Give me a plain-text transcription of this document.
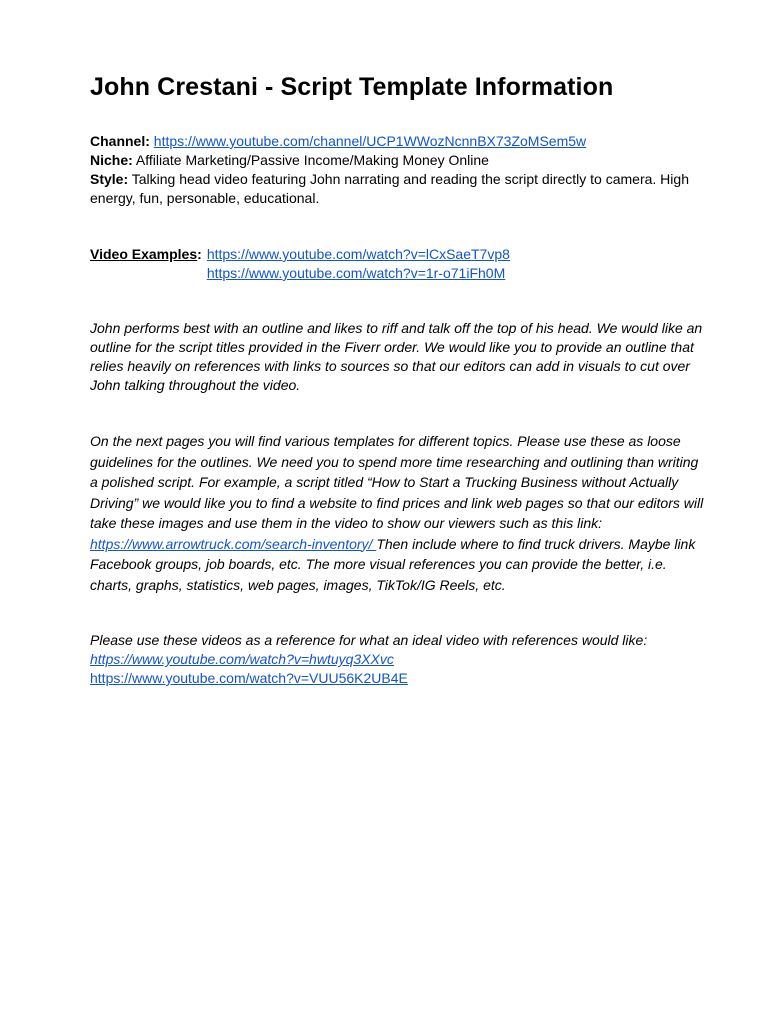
John Crestani - Script Template Information
Channel: https://www.youtube.com/channel/UCP1WWozNcnnBX73ZoMSem5w
Niche: Affiliate Marketing/Passive Income/Making Money Online
Style: Talking head video featuring John narrating and reading the script directly to camera. High energy, fun, personable, educational.
Video Examples: https://www.youtube.com/watch?v=lCxSaeT7vp8
https://www.youtube.com/watch?v=1r-o71iFh0M

John performs best with an outline and likes to riff and talk off the top of his head. We would like an outline for the script titles provided in the Fiverr order. We would like you to provide an outline that relies heavily on references with links to sources so that our editors can add in visuals to cut over John talking throughout the video.

On the next pages you will find various templates for different topics. Please use these as loose guidelines for the outlines. We need you to spend more time researching and outlining than writing a polished script. For example, a script titled “How to Start a Trucking Business without Actually Driving” we would like you to find a website to find prices and link web pages so that our editors will take these images and use them in the video to show our viewers such as this link: https://www.arrowtruck.com/search-inventory/ Then include where to find truck drivers. Maybe link Facebook groups, job boards, etc. The more visual references you can provide the better, i.e. charts, graphs, statistics, web pages, images, TikTok/IG Reels, etc.

Please use these videos as a reference for what an ideal video with references would like:
https://www.youtube.com/watch?v=hwtuyq3XXvc
https://www.youtube.com/watch?v=VUU56K2UB4E
